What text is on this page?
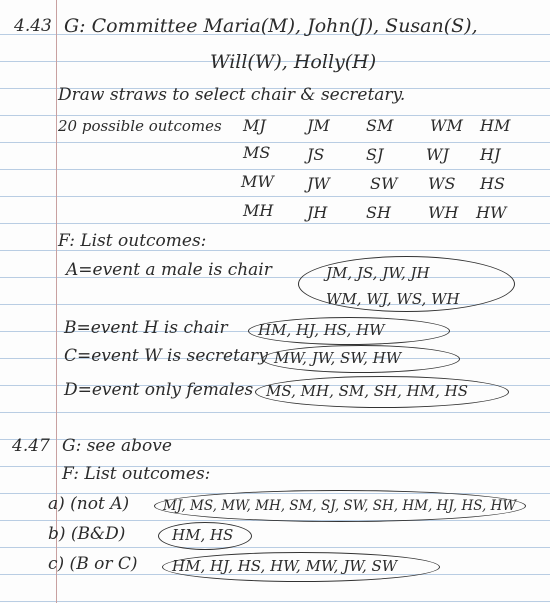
4.43 G: Committee Maria(M), John(J), Susan(S),
Will(W), Holly(H)
Draw straws to select chair & secretary.
20 possible outcomes MJ	JM SM WM HM
MS JS	SJ	WJ HJ
MW JW	SW WS HS
MH JH SH WH HW
F: List outcomes:
A=event a male is chair	JM, JS, JW, JH
WM, WJ, WS, WH
B=event H is chair HM, HJ, HS, HW
C=event W is secretary MW, JW, SW, HW
D=event only females MS, MH, SM, SH, HM, HS
4.47 G: see above
F: List outcomes:
a) (not A)	MJ, MS, MW, MH, SM, SJ, SW, SH, HM, HJ, HS, HW
b) (B&D)	HM, HS
c) (B or C) HM, HJ, HS, HW, MW, JW, SW
